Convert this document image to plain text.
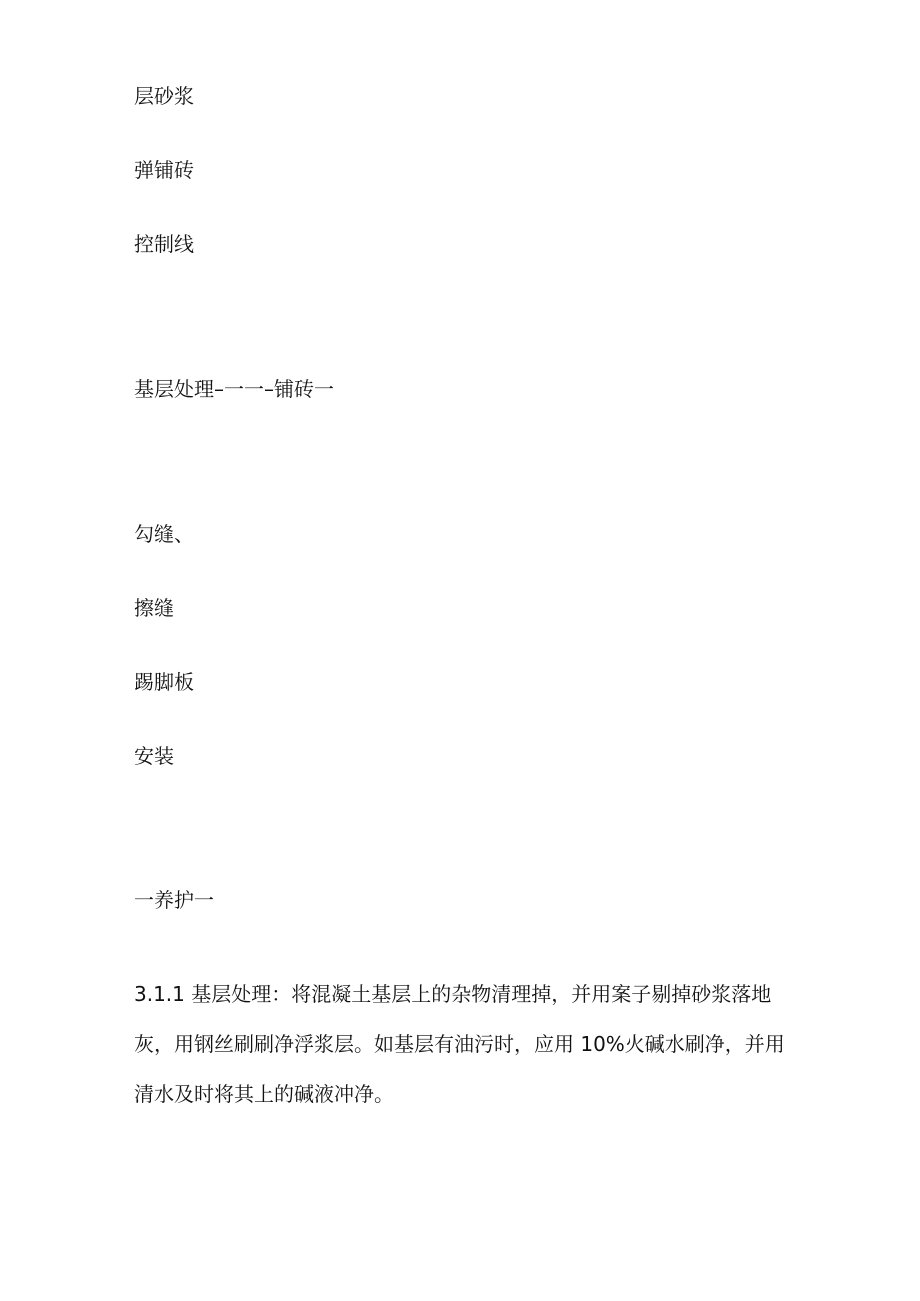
层砂浆

弹铺砖

控制线

基层处理–一一–铺砖一

勾缝、

擦缝

踢脚板

安装

一养护一

3.1.1 基层处理：将混凝土基层上的杂物清理掉，并用案子剔掉砂浆落地
灰，用钢丝刷刷净浮浆层。如基层有油污时，应用 10%火碱水刷净，并用
清水及时将其上的碱液冲净。
